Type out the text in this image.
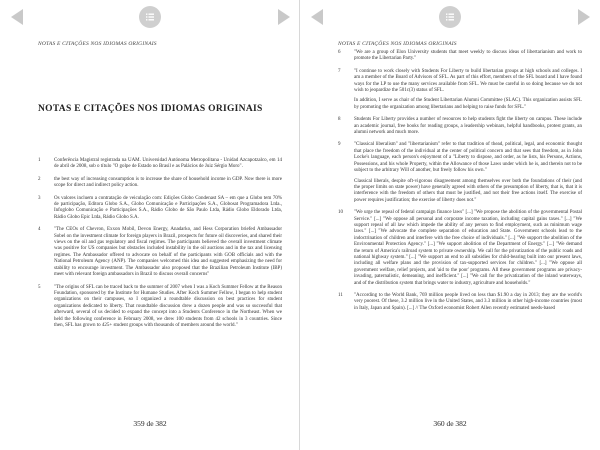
NOTAS E CITAÇÕES NOS IDIOMAS ORIGINAIS
NOTAS E CITAÇÕES NOS IDIOMAS ORIGINAIS
1	Conferência Magistral registrada na UAM. Universidad Autónoma Metropolitana - Unidad Azcapotzalco, em 14 de abril de 2008, sob o título "O golpe de Estado no Brasil e as Palácios de Juiz Sérgio Moro".

2	the best way of increasing consumption is to increase the share of household income in GDP. Now there is more scope for direct and indirect policy action.

3	Os valores incluem a contratação de veiculação com: Edições Globo Condenast SA – em que a Globo tem 70% de participação, Editora Globo S.A., Globo Comunicação e Participações S.A., Globosat Programadora Ltda., Infoglobo Comunicação e Participações S.A., Rádio Globo de São Paulo Ltda, Rádio Globo Eldorado Ltda, Rádio Globo Epic Ltda, Rádio Globo S.A.

4	"The CEOs of Chevron, Exxon Mobil, Devon Energy, Anadarko, and Hess Corporation briefed Ambassador Sobel on the investment climate for foreign players in Brazil, prospects for future oil discoveries, and shared their views on the oil and gas regulatory and fiscal regimes. The participants believed the overall investment climate was positive for US companies but obstacles included instability in the oil auctions and in the tax and licensing regimes. The Ambassador offered to advocate on behalf of the participants with GOB officials and with the National Petroleum Agency (ANP). The companies welcomed this idea and suggested emphasizing the need for stability to encourage investment. The Ambassador also proposed that the Brazilian Petroleum Institute (IBP) meet with relevant foreign ambassadors in Brazil to discuss overall concerns"

5	"The origins of SFL can be traced back to the summer of 2007 when I was a Koch Summer Fellow at the Reason Foundation, sponsored by the Institute for Humane Studies. After Koch Summer Fellow, I began to help student organizations on their campuses, so I organized a roundtable discussion on best practices for student organizations dedicated to liberty. That roundtable discussion drew a dozen people and was so successful that afterward, several of us decided to expand the concept into a Students Conference in the Northeast. When we held the following conference in February 2008, we drew 100 students from 42 schools in 3 countries. Since then, SFL has grown to 425+ student groups with thousands of members around the world."

359 de 382
NOTAS E CITAÇÕES NOS IDIOMAS ORIGINAIS
6	"We are a group of Elon University students that meet weekly to discuss ideas of libertarianism and work to promote the Libertarian Party."

7	"I continue to work closely with Students For Liberty to build libertarian groups at high schools and colleges. I am a member of the Board of Advisors of SFL. As part of this effort, members of the SFL board and I have found ways for the LP to use the many services available from SFL. We must be careful in so doing because we do not wish to jeopardize the 501c(3) status of SFL.

In addition, I serve as chair of the Student Libertarian Alumni Committee (SLAC). This organization assists SFL by promoting the organization among libertarians and helping to raise funds for SFL."

8	Students For Liberty provides a number of resources to help students fight the liberty on campus. These include an academic journal, free books for reading groups, a leadership webinars, helpful handbooks, protest grants, an alumni network and much more.

9	"Classical liberalism" and "libertarianism" refer to that tradition of thead, political, legal, and economic thought that place the freedom of the individual at the center of political concern and that sees that freedom, as in John Locke's language, each person's enjoyment of a "Liberty to dispose, and order, as he lists, his Persons, Actions, Possessions, and his whole Property, within the Allowance of those Laws under which he is, and therein not to be subject to the arbitrary Will of another, but freely follow his own."

Classical liberals, despite oft-vigorous disagreement among themselves over both the foundations of their (and the proper limits on state power) have generally agreed with others of the presumption of liberty, that is, that it is interference with the freedom of others that must be justified, and not their free actions itself. The exercise of power requires justification; the exercise of liberty does not."

10	"We urge the repeal of federal campaign finance laws" [...] "We propose the abolition of the governmental Postal Service." [...] "We oppose all personal and corporate income taxation, including capital gains taxes." [...] "We support repeal of all law which impede the ability of any person to find employment, such as minimum wage laws." [...] "We advocate the complete separation of education and State. Government schools lead to the indoctrination of children and interfere with the free choice of individuals." [...] "We support the abolition of the Environmental Protection Agency." [...] "We support abolition of the Department of Energy." [...] "We demand the return of America's railroad system to private ownership. We call for the privatization of the public roads and national highway system." [...] "We support an end to all subsidies for child-bearing built into our present laws, including all welfare plans and the provision of tax-supported services for children." [...] "We oppose all government welfare, relief projects, and 'aid to the poor' programs. All these government programs are privacy-invading, paternalistic, demeaning, and inefficient." [...] "We call for the privatization of the inland waterways, and of the distribution system that brings water to industry, agriculture and households."

11	"According to the World Bank, 769 million people lived on less than $1.90 a day in 2013; they are the world's very poorest. Of these, 3.2 million live in the United States, and 3.3 million in other high-income countries (most in Italy, Japan and Spain). [...] // The Oxford economist Robert Allen recently estimated needs-based

360 de 382
